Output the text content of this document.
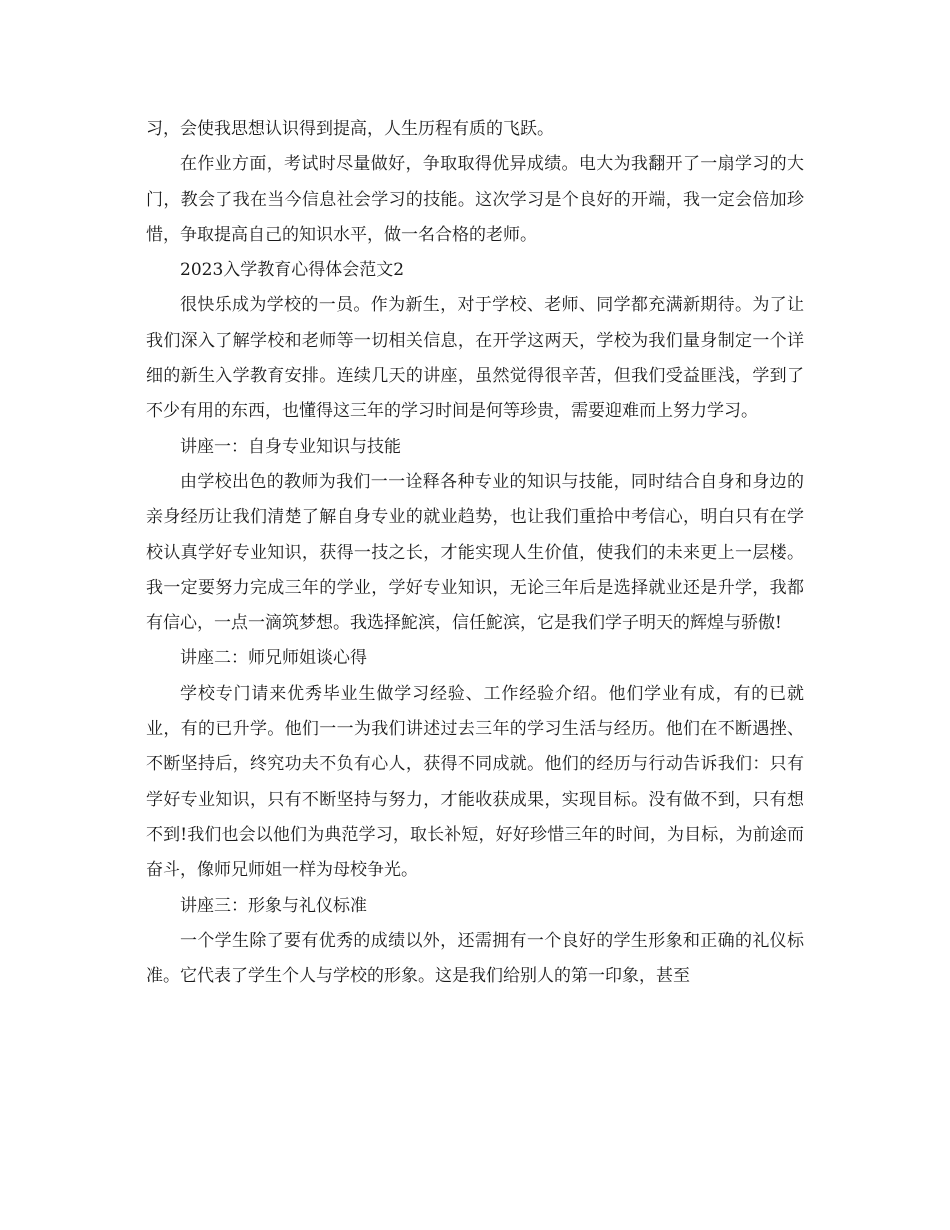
习，会使我思想认识得到提高，人生历程有质的飞跃。

在作业方面，考试时尽量做好，争取取得优异成绩。电大为我翻开了一扇学习的大门，教会了我在当今信息社会学习的技能。这次学习是个良好的开端，我一定会倍加珍惜，争取提高自己的知识水平，做一名合格的老师。

2023入学教育心得体会范文2

很快乐成为学校的一员。作为新生，对于学校、老师、同学都充满新期待。为了让我们深入了解学校和老师等一切相关信息，在开学这两天，学校为我们量身制定一个详细的新生入学教育安排。连续几天的讲座，虽然觉得很辛苦，但我们受益匪浅，学到了不少有用的东西，也懂得这三年的学习时间是何等珍贵，需要迎难而上努力学习。

讲座一：自身专业知识与技能

由学校出色的教师为我们一一诠释各种专业的知识与技能，同时结合自身和身边的亲身经历让我们清楚了解自身专业的就业趋势，也让我们重拾中考信心，明白只有在学校认真学好专业知识，获得一技之长，才能实现人生价值，使我们的未来更上一层楼。我一定要努力完成三年的学业，学好专业知识，无论三年后是选择就业还是升学，我都有信心，一点一滴筑梦想。我选择鮀滨，信任鮀滨，它是我们学子明天的辉煌与骄傲!

讲座二：师兄师姐谈心得

学校专门请来优秀毕业生做学习经验、工作经验介绍。他们学业有成，有的已就业，有的已升学。他们一一为我们讲述过去三年的学习生活与经历。他们在不断遇挫、不断坚持后，终究功夫不负有心人，获得不同成就。他们的经历与行动告诉我们：只有学好专业知识，只有不断坚持与努力，才能收获成果，实现目标。没有做不到，只有想不到!我们也会以他们为典范学习，取长补短，好好珍惜三年的时间，为目标，为前途而奋斗，像师兄师姐一样为母校争光。

讲座三：形象与礼仪标准

一个学生除了要有优秀的成绩以外，还需拥有一个良好的学生形象和正确的礼仪标准。它代表了学生个人与学校的形象。这是我们给别人的第一印象，甚至
